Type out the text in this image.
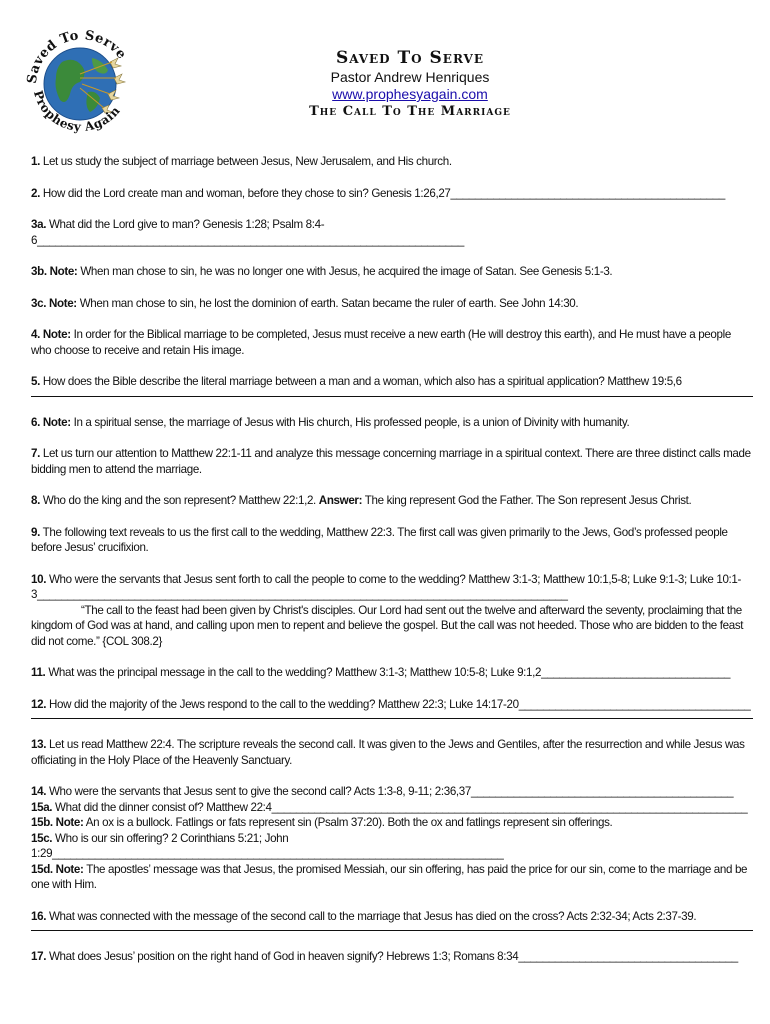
Saved To Serve
Prophesy Again
Saved To Serve
Pastor Andrew Henriques
www.prophesyagain.com
The Call To The Marriage

1. Let us study the subject of marriage between Jesus, New Jerusalem, and His church.

2. How did the Lord create man and woman, before they chose to sin? Genesis 1:26,27_____________________________________________

3a. What did the Lord give to man? Genesis 1:28; Psalm 8:4-6______________________________________________________________________

3b. Note: When man chose to sin, he was no longer one with Jesus, he acquired the image of Satan. See Genesis 5:1-3.

3c. Note: When man chose to sin, he lost the dominion of earth. Satan became the ruler of earth. See John 14:30.

4. Note: In order for the Biblical marriage to be completed, Jesus must receive a new earth (He will destroy this earth), and He must have a people who choose to receive and retain His image.

5. How does the Bible describe the literal marriage between a man and a woman, which also has a spiritual application? Matthew 19:5,6

6. Note: In a spiritual sense, the marriage of Jesus with His church, His professed people, is a union of Divinity with humanity.

7. Let us turn our attention to Matthew 22:1-11 and analyze this message concerning marriage in a spiritual context. There are three distinct calls made bidding men to attend the marriage.

8. Who do the king and the son represent? Matthew 22:1,2. Answer: The king represent God the Father. The Son represent Jesus Christ.

9. The following text reveals to us the first call to the wedding, Matthew 22:3. The first call was given primarily to the Jews, God’s professed people before Jesus’ crucifixion.

10. Who were the servants that Jesus sent forth to call the people to come to the wedding? Matthew 3:1-3; Matthew 10:1,5-8; Luke 9:1-3; Luke 10:1-3_______________________________________________________________________________________

“The call to the feast had been given by Christ's disciples. Our Lord had sent out the twelve and afterward the seventy, proclaiming that the kingdom of God was at hand, and calling upon men to repent and believe the gospel. But the call was not heeded. Those who are bidden to the feast did not come.” {COL 308.2}

11. What was the principal message in the call to the wedding? Matthew 3:1-3; Matthew 10:5-8; Luke 9:1,2_______________________________

12. How did the majority of the Jews respond to the call to the wedding? Matthew 22:3; Luke 14:17-20______________________________________

13. Let us read Matthew 22:4. The scripture reveals the second call. It was given to the Jews and Gentiles, after the resurrection and while Jesus was officiating in the Holy Place of the Heavenly Sanctuary.

14. Who were the servants that Jesus sent to give the second call? Acts 1:3-8, 9-11; 2:36,37___________________________________________

15a. What did the dinner consist of? Matthew 22:4______________________________________________________________________________

15b. Note: An ox is a bullock. Fatlings or fats represent sin (Psalm 37:20). Both the ox and fatlings represent sin offerings.

15c. Who is our sin offering? 2 Corinthians 5:21; John 1:29__________________________________________________________________________

15d. Note: The apostles’ message was that Jesus, the promised Messiah, our sin offering, has paid the price for our sin, come to the marriage and be one with Him.

16. What was connected with the message of the second call to the marriage that Jesus has died on the cross? Acts 2:32-34; Acts 2:37-39.

17. What does Jesus’ position on the right hand of God in heaven signify? Hebrews 1:3; Romans 8:34____________________________________
